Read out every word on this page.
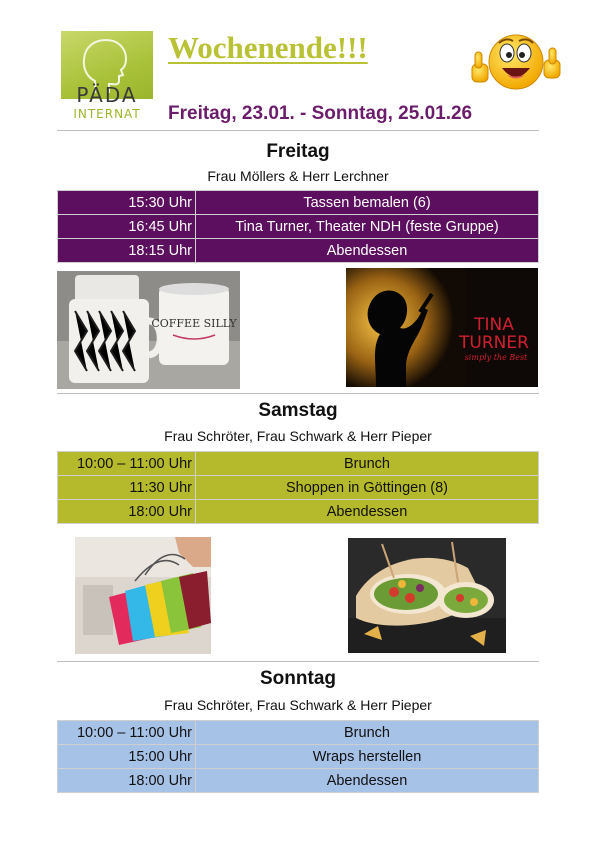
PÄDA
INTERNAT
Wochenende!!!
Freitag, 23.01. - Sonntag, 25.01.26
Freitag
Frau Möllers & Herr Lerchner
15:30 Uhr	Tassen bemalen (6)
16:45 Uhr	Tina Turner, Theater NDH (feste Gruppe)
18:15 Uhr	Abendessen
COFFEE SILLY	TINA
TURNER
simply the Best
Samstag
Frau Schröter, Frau Schwark & Herr Pieper
10:00 – 11:00 Uhr	Brunch
11:30 Uhr	Shoppen in Göttingen (8)
18:00 Uhr	Abendessen
Sonntag
Frau Schröter, Frau Schwark & Herr Pieper
10:00 – 11:00 Uhr	Brunch
15:00 Uhr	Wraps herstellen
18:00 Uhr	Abendessen
